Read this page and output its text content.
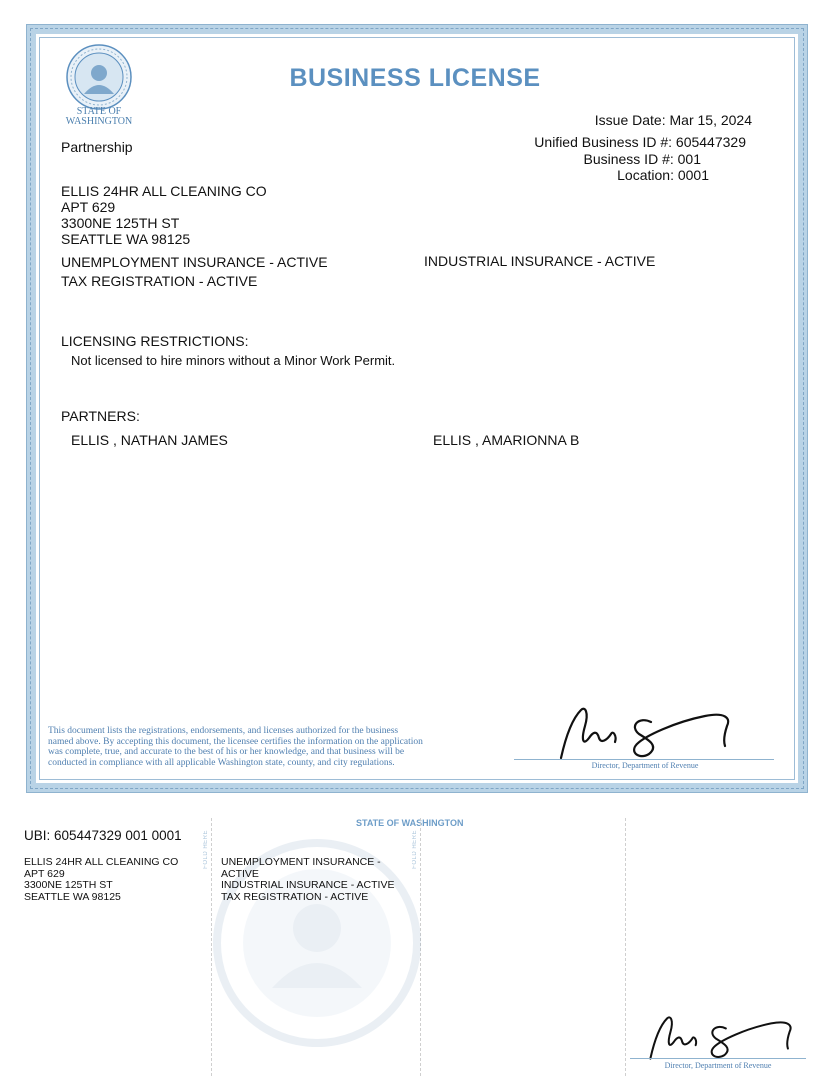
STATE OF
WASHINGTON
BUSINESS LICENSE
Issue Date: Mar 15, 2024
Unified Business ID #: 605447329
Business ID #: 001
Location: 0001
Partnership
ELLIS 24HR ALL CLEANING CO
APT 629
3300NE 125TH ST
SEATTLE WA 98125
UNEMPLOYMENT INSURANCE - ACTIVE
TAX REGISTRATION - ACTIVE
INDUSTRIAL INSURANCE - ACTIVE
LICENSING RESTRICTIONS:
Not licensed to hire minors without a Minor Work Permit.
PARTNERS:
ELLIS , NATHAN JAMES	ELLIS , AMARIONNA B
This document lists the registrations, endorsements, and licenses authorized for the business
named above. By accepting this document, the licensee certifies the information on the application
was complete, true, and accurate to the best of his or her knowledge, and that business will be
conducted in compliance with all applicable Washington state, county, and city regulations.	Director, Department of Revenue
UBI: 605447329 001 0001
STATE OF WASHINGTON
FOLD HERE	FOLD HERE
ELLIS 24HR ALL CLEANING CO
APT 629
3300NE 125TH ST
SEATTLE WA 98125
UNEMPLOYMENT INSURANCE -
ACTIVE
INDUSTRIAL INSURANCE - ACTIVE
TAX REGISTRATION - ACTIVE
Director, Department of Revenue
